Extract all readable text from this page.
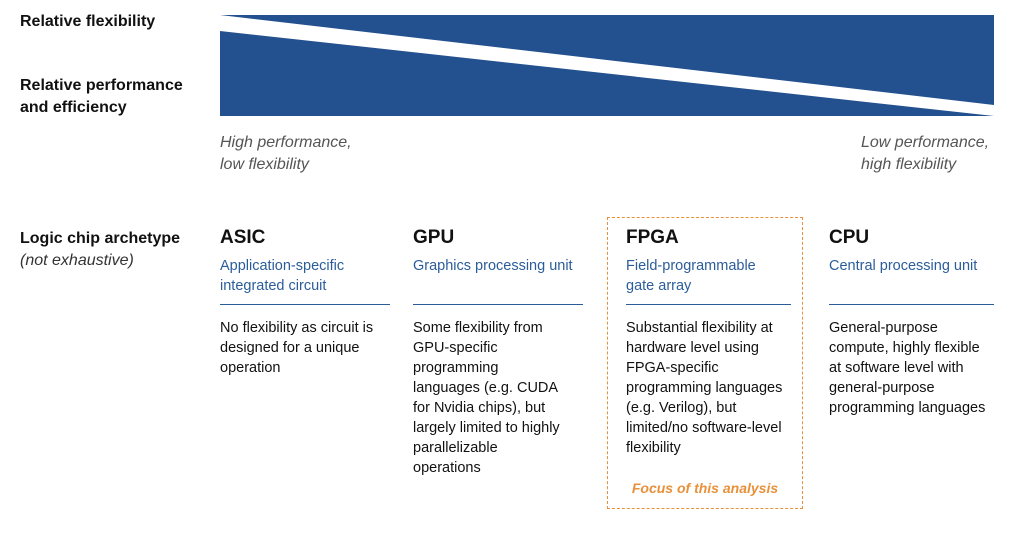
Relative flexibility
Relative performance
and efficiency
High performance,
low flexibility
Low performance,
high flexibility
Logic chip archetype
(not exhaustive)
Focus of this analysis
ASIC
Application-specific integrated circuit
No flexibility as circuit is designed for a unique operation
GPU
Graphics processing unit
Some flexibility from GPU-specific programming languages (e.g. CUDA for Nvidia chips), but largely limited to highly parallelizable operations
FPGA
Field-programmable gate array
Substantial flexibility at hardware level using FPGA-specific programming languages (e.g. Verilog), but limited/no software-level flexibility
CPU
Central processing unit
General-purpose compute, highly flexible at software level with general-purpose programming languages
